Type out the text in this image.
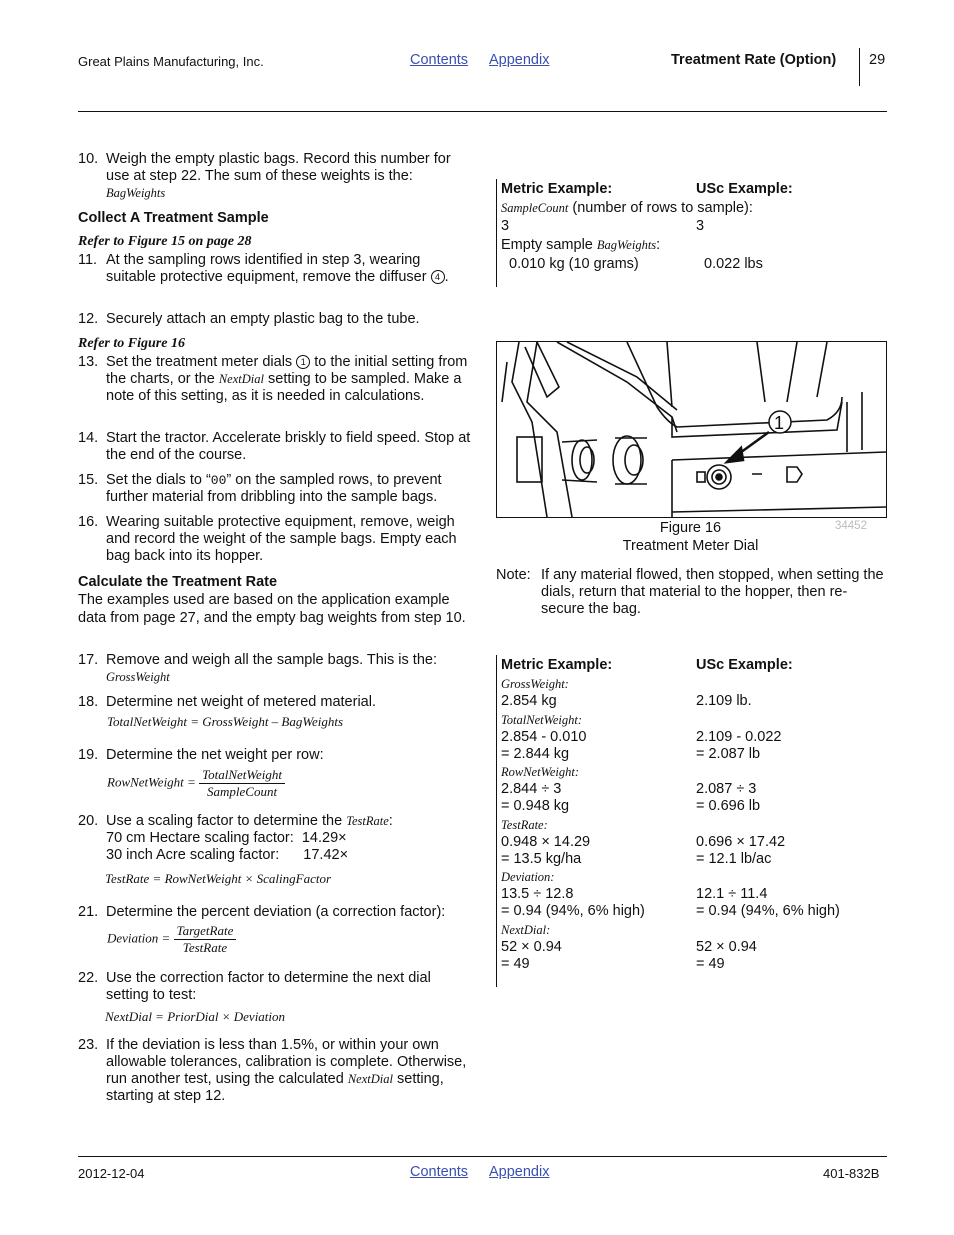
Great Plains Manufacturing, Inc.	Contents Appendix	Treatment Rate (Option) 29
10. Weigh the empty plastic bags. Record this number for use at step 22. The sum of these weights is the:
BagWeights
Collect A Treatment Sample
Refer to Figure 15 on page 28
11. At the sampling rows identified in step 3, wearing suitable protective equipment, remove the diffuser 4 .
12. Securely attach an empty plastic bag to the tube.
Refer to Figure 16
13. Set the treatment meter dials 1 to the initial setting from the charts, or the NextDial setting to be sampled. Make a note of this setting, as it is needed in calculations.
14. Start the tractor. Accelerate briskly to field speed. Stop at the end of the course.
15. Set the dials to “00” on the sampled rows, to prevent further material from dribbling into the sample bags.
16. Wearing suitable protective equipment, remove, weigh and record the weight of the sample bags. Empty each bag back into its hopper.
Calculate the Treatment Rate
The examples used are based on the application example data from page 27, and the empty bag weights from step 10.
17. Remove and weigh all the sample bags. This is the:
GrossWeight
18. Determine net weight of metered material.
TotalNetWeight = GrossWeight – BagWeights
19. Determine the net weight per row:
RowNetWeight = $\frac{\text{TotalNetWeight}}{\text{SampleCount}}$
20. Use a scaling factor to determine the TestRate:
70 cm Hectare scaling factor: 14.29×
30 inch Acre scaling factor: 17.42×
TestRate = RowNetWeight × ScalingFactor
21. Determine the percent deviation (a correction factor):
Deviation = $\frac{\text{TargetRate}}{\text{TestRate}}$
22. Use the correction factor to determine the next dial setting to test:
NextDial = PriorDial × Deviation
23. If the deviation is less than 1.5%, or within your own allowable tolerances, calibration is complete. Otherwise, run another test, using the calculated NextDial setting, starting at step 12.
Metric Example:	USc Example:
SampleCount (number of rows to sample):
3	3
Empty sample BagWeights:
0.010 kg (10 grams)	0.022 lbs
1
34452
Figure 16
Treatment Meter Dial
Note: If any material flowed, then stopped, when setting the dials, return that material to the hopper, then re-secure the bag.
Metric Example:	USc Example:
GrossWeight:
2.854 kg	2.109 lb.
TotalNetWeight:
2.854 - 0.010	2.109 - 0.022
= 2.844 kg	= 2.087 lb
RowNetWeight:
2.844 ÷ 3	2.087 ÷ 3
= 0.948 kg	= 0.696 lb
TestRate:
0.948 × 14.29	0.696 × 17.42
= 13.5 kg/ha	= 12.1 lb/ac
Deviation:
13.5 ÷ 12.8	12.1 ÷ 11.4
= 0.94 (94%, 6% high)	= 0.94 (94%, 6% high)
NextDial:
52 × 0.94	52 × 0.94
= 49	= 49
2012-12-04	Contents Appendix	401-832B
